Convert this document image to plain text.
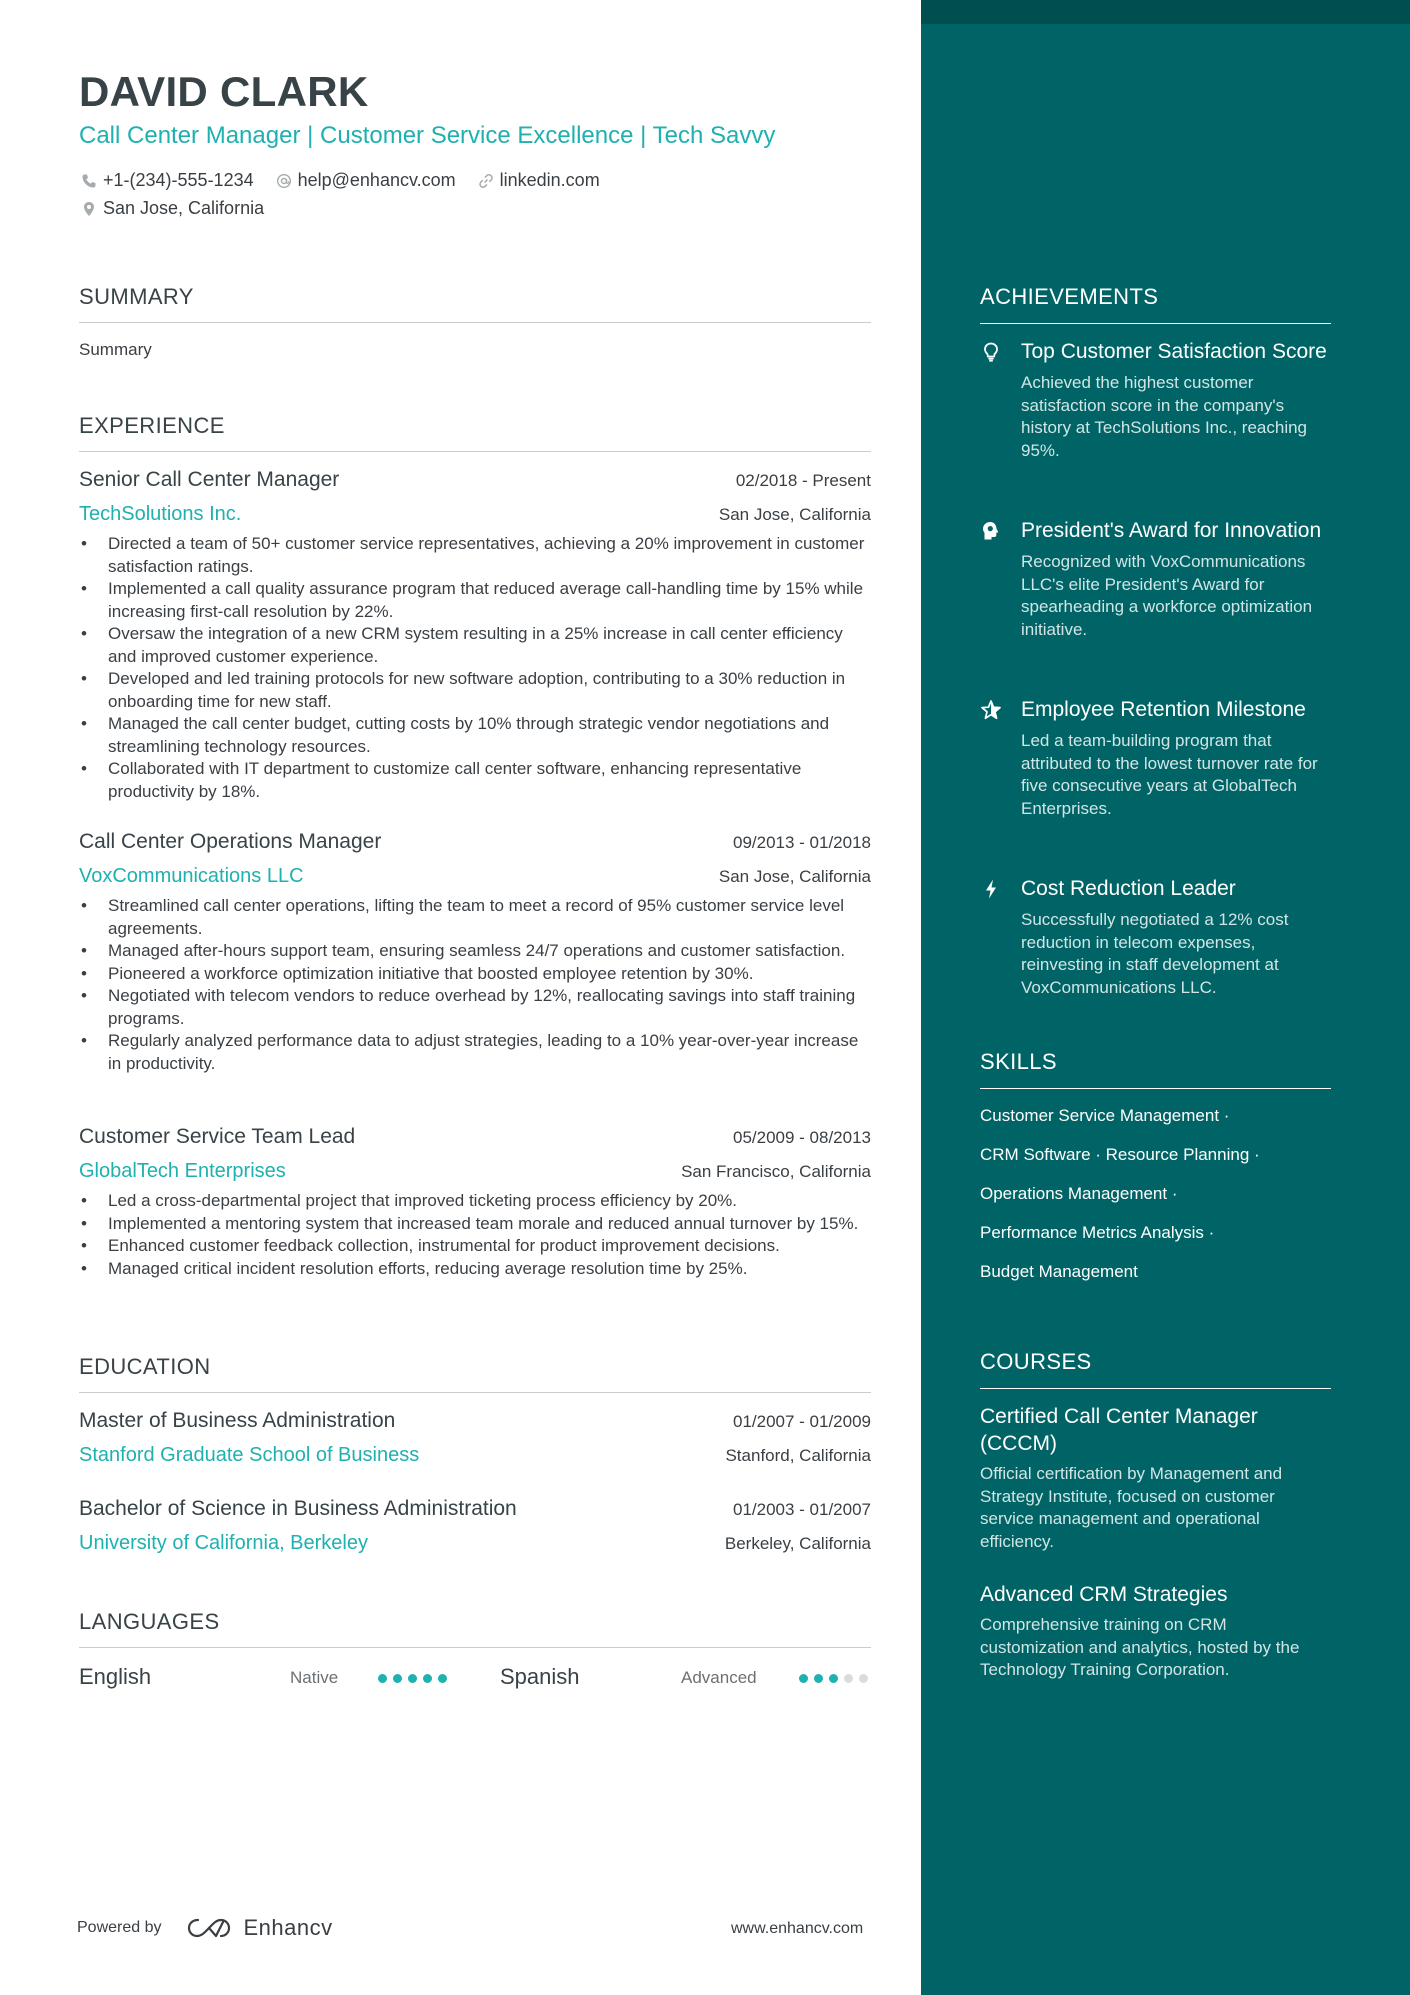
DAVID CLARK
Call Center Manager | Customer Service Excellence | Tech Savvy
+1-(234)-555-1234 help@enhancv.com linkedin.com
San Jose, California
SUMMARY
Summary
EXPERIENCE
Senior Call Center Manager	02/2018 - Present
TechSolutions Inc.	San Jose, California
• Directed a team of 50+ customer service representatives, achieving a 20% improvement in customer satisfaction ratings.
• Implemented a call quality assurance program that reduced average call-handling time by 15% while increasing first-call resolution by 22%.
• Oversaw the integration of a new CRM system resulting in a 25% increase in call center efficiency and improved customer experience.
• Developed and led training protocols for new software adoption, contributing to a 30% reduction in onboarding time for new staff.
• Managed the call center budget, cutting costs by 10% through strategic vendor negotiations and streamlining technology resources.
• Collaborated with IT department to customize call center software, enhancing representative productivity by 18%.
Call Center Operations Manager	09/2013 - 01/2018
VoxCommunications LLC	San Jose, California
• Streamlined call center operations, lifting the team to meet a record of 95% customer service level agreements.
• Managed after-hours support team, ensuring seamless 24/7 operations and customer satisfaction.
• Pioneered a workforce optimization initiative that boosted employee retention by 30%.
• Negotiated with telecom vendors to reduce overhead by 12%, reallocating savings into staff training programs.
• Regularly analyzed performance data to adjust strategies, leading to a 10% year-over-year increase in productivity.
Customer Service Team Lead	05/2009 - 08/2013
GlobalTech Enterprises	San Francisco, California
• Led a cross-departmental project that improved ticketing process efficiency by 20%.
• Implemented a mentoring system that increased team morale and reduced annual turnover by 15%.
• Enhanced customer feedback collection, instrumental for product improvement decisions.
• Managed critical incident resolution efforts, reducing average resolution time by 25%.
EDUCATION
Master of Business Administration	01/2007 - 01/2009
Stanford Graduate School of Business	Stanford, California
Bachelor of Science in Business Administration	01/2003 - 01/2007
University of California, Berkeley	Berkeley, California
LANGUAGES
English	Native	Spanish	Advanced
Powered by	Enhancv	www.enhancv.com
ACHIEVEMENTS
Top Customer Satisfaction Score
Achieved the highest customer satisfaction score in the company's history at TechSolutions Inc., reaching 95%.
President's Award for Innovation
Recognized with VoxCommunications LLC's elite President's Award for spearheading a workforce optimization initiative.
Employee Retention Milestone
Led a team-building program that attributed to the lowest turnover rate for five consecutive years at GlobalTech Enterprises.
Cost Reduction Leader
Successfully negotiated a 12% cost reduction in telecom expenses, reinvesting in staff development at VoxCommunications LLC.
SKILLS
Customer Service Management ·
CRM Software · Resource Planning ·
Operations Management ·
Performance Metrics Analysis ·
Budget Management
COURSES
Certified Call Center Manager (CCCM)
Official certification by Management and Strategy Institute, focused on customer service management and operational efficiency.
Advanced CRM Strategies
Comprehensive training on CRM customization and analytics, hosted by the Technology Training Corporation.
